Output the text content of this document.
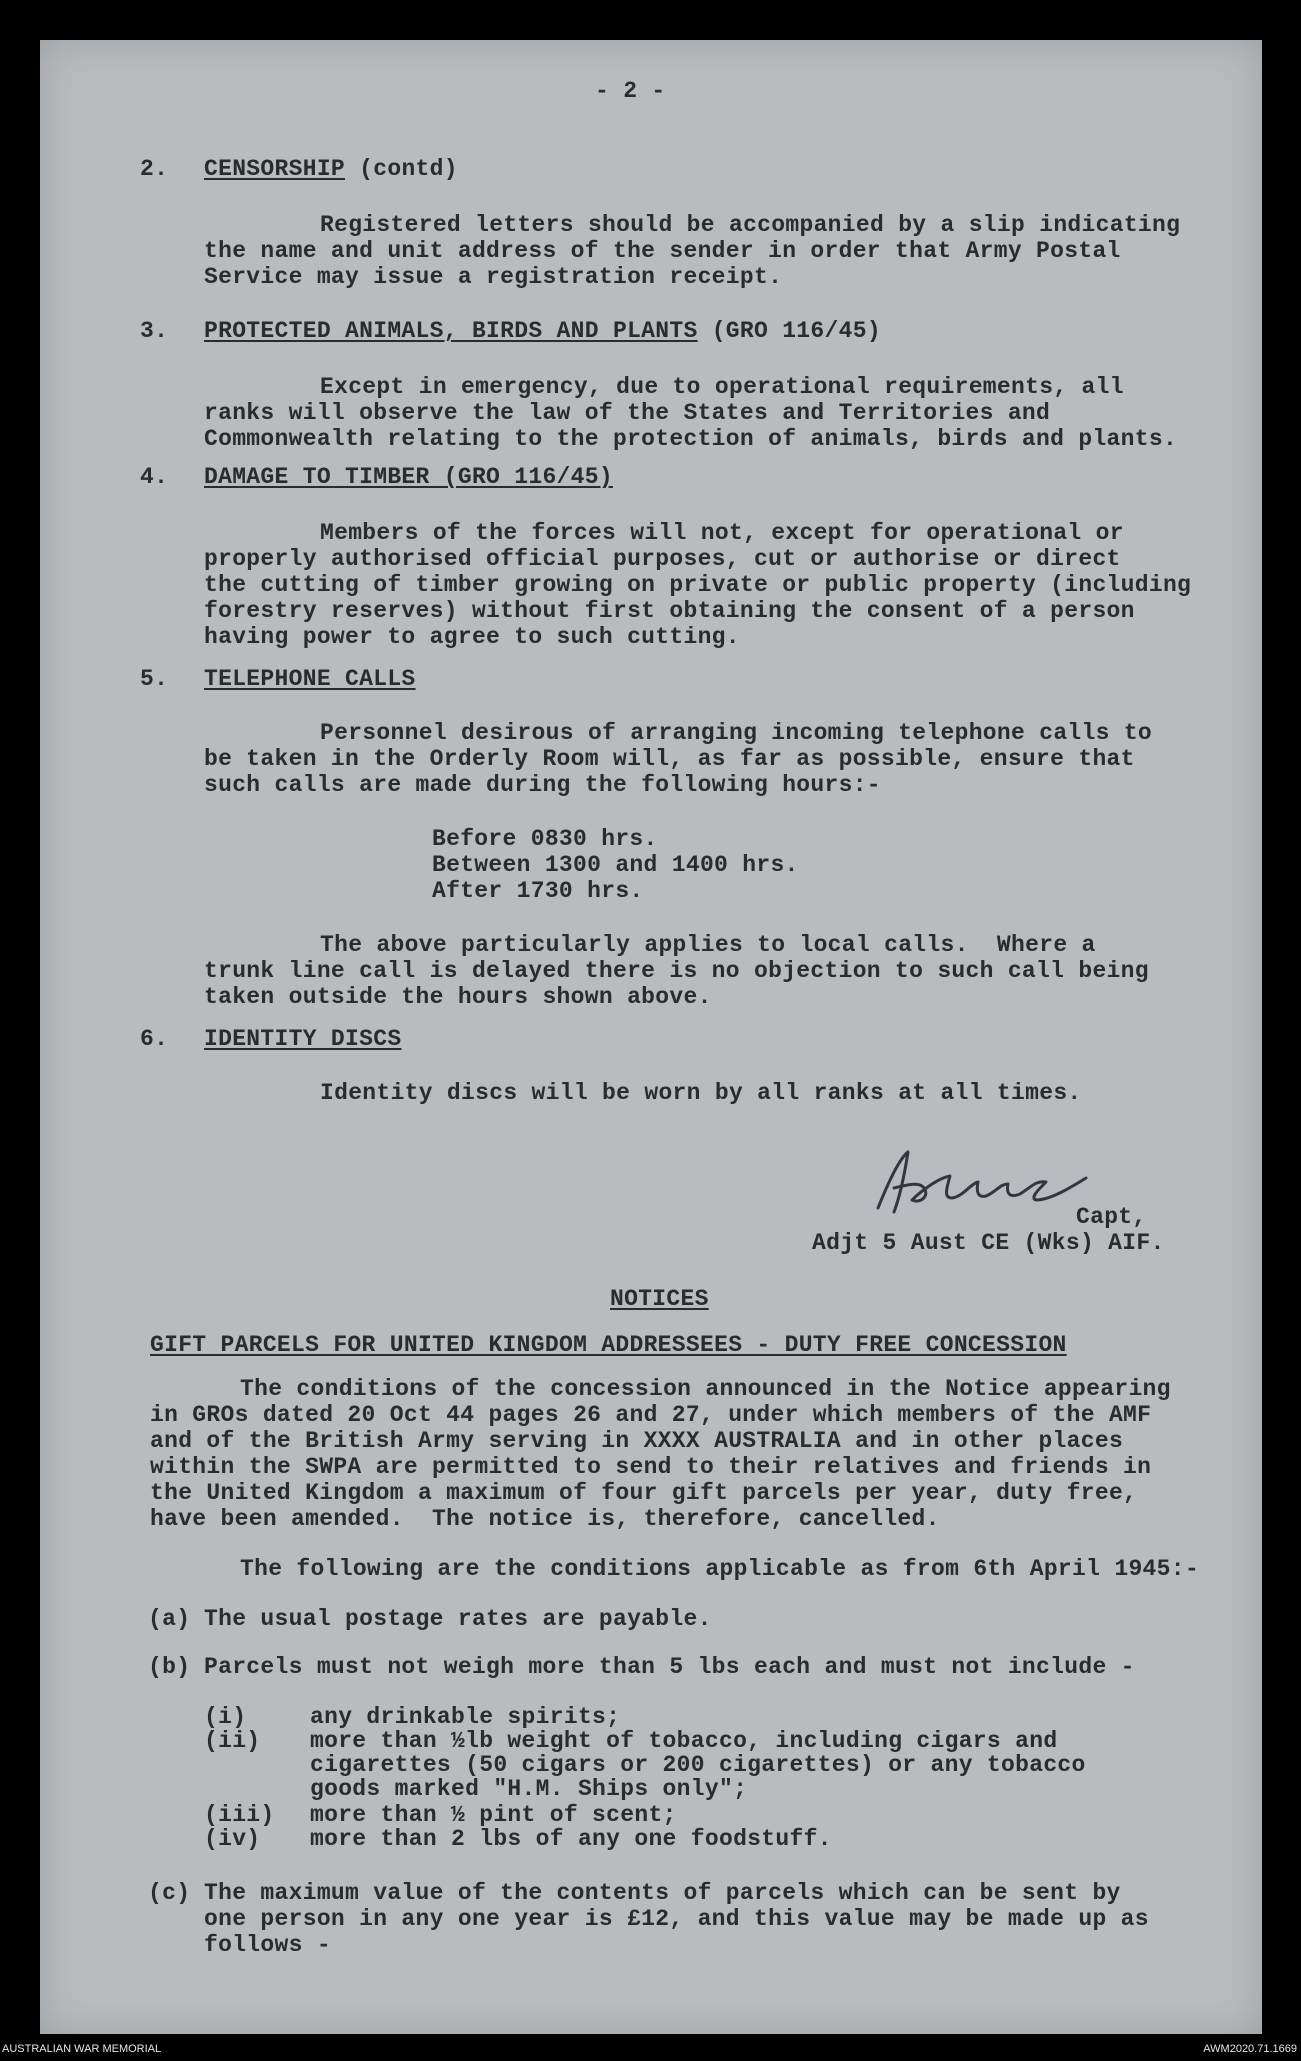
- 2 -
2. CENSORSHIP (contd)
Registered letters should be accompanied by a slip indicating
the name and unit address of the sender in order that Army Postal
Service may issue a registration receipt.
3. PROTECTED ANIMALS, BIRDS AND PLANTS (GRO 116/45)
Except in emergency, due to operational requirements, all
ranks will observe the law of the States and Territories and
Commonwealth relating to the protection of animals, birds and plants.
4. DAMAGE TO TIMBER (GRO 116/45)
Members of the forces will not, except for operational or
properly authorised official purposes, cut or authorise or direct
the cutting of timber growing on private or public property (including
forestry reserves) without first obtaining the consent of a person
having power to agree to such cutting.
5. TELEPHONE CALLS
Personnel desirous of arranging incoming telephone calls to
be taken in the Orderly Room will, as far as possible, ensure that
such calls are made during the following hours:-
Before 0830 hrs.
Between 1300 and 1400 hrs.
After 1730 hrs.
The above particularly applies to local calls.  Where a
trunk line call is delayed there is no objection to such call being
taken outside the hours shown above.
6. IDENTITY DISCS
Identity discs will be worn by all ranks at all times.
Capt,
Adjt 5 Aust CE (Wks) AIF.
NOTICES
GIFT PARCELS FOR UNITED KINGDOM ADDRESSEES - DUTY FREE CONCESSION
The conditions of the concession announced in the Notice appearing
in GROs dated 20 Oct 44 pages 26 and 27, under which members of the AMF
and of the British Army serving in XXXX AUSTRALIA and in other places
within the SWPA are permitted to send to their relatives and friends in
the United Kingdom a maximum of four gift parcels per year, duty free,
have been amended.  The notice is, therefore, cancelled.
The following are the conditions applicable as from 6th April 1945:-
(a) The usual postage rates are payable.
(b) Parcels must not weigh more than 5 lbs each and must not include -
(i)	any drinkable spirits;
(ii) more than ½lb weight of tobacco, including cigars and
cigarettes (50 cigars or 200 cigarettes) or any tobacco
goods marked "H.M. Ships only";
(iii) more than ½ pint of scent;
(iv) more than 2 lbs of any one foodstuff.
(c) The maximum value of the contents of parcels which can be sent by
one person in any one year is £12, and this value may be made up as
follows -
AUSTRALIAN WAR MEMORIAL	AWM2020.71.1669
